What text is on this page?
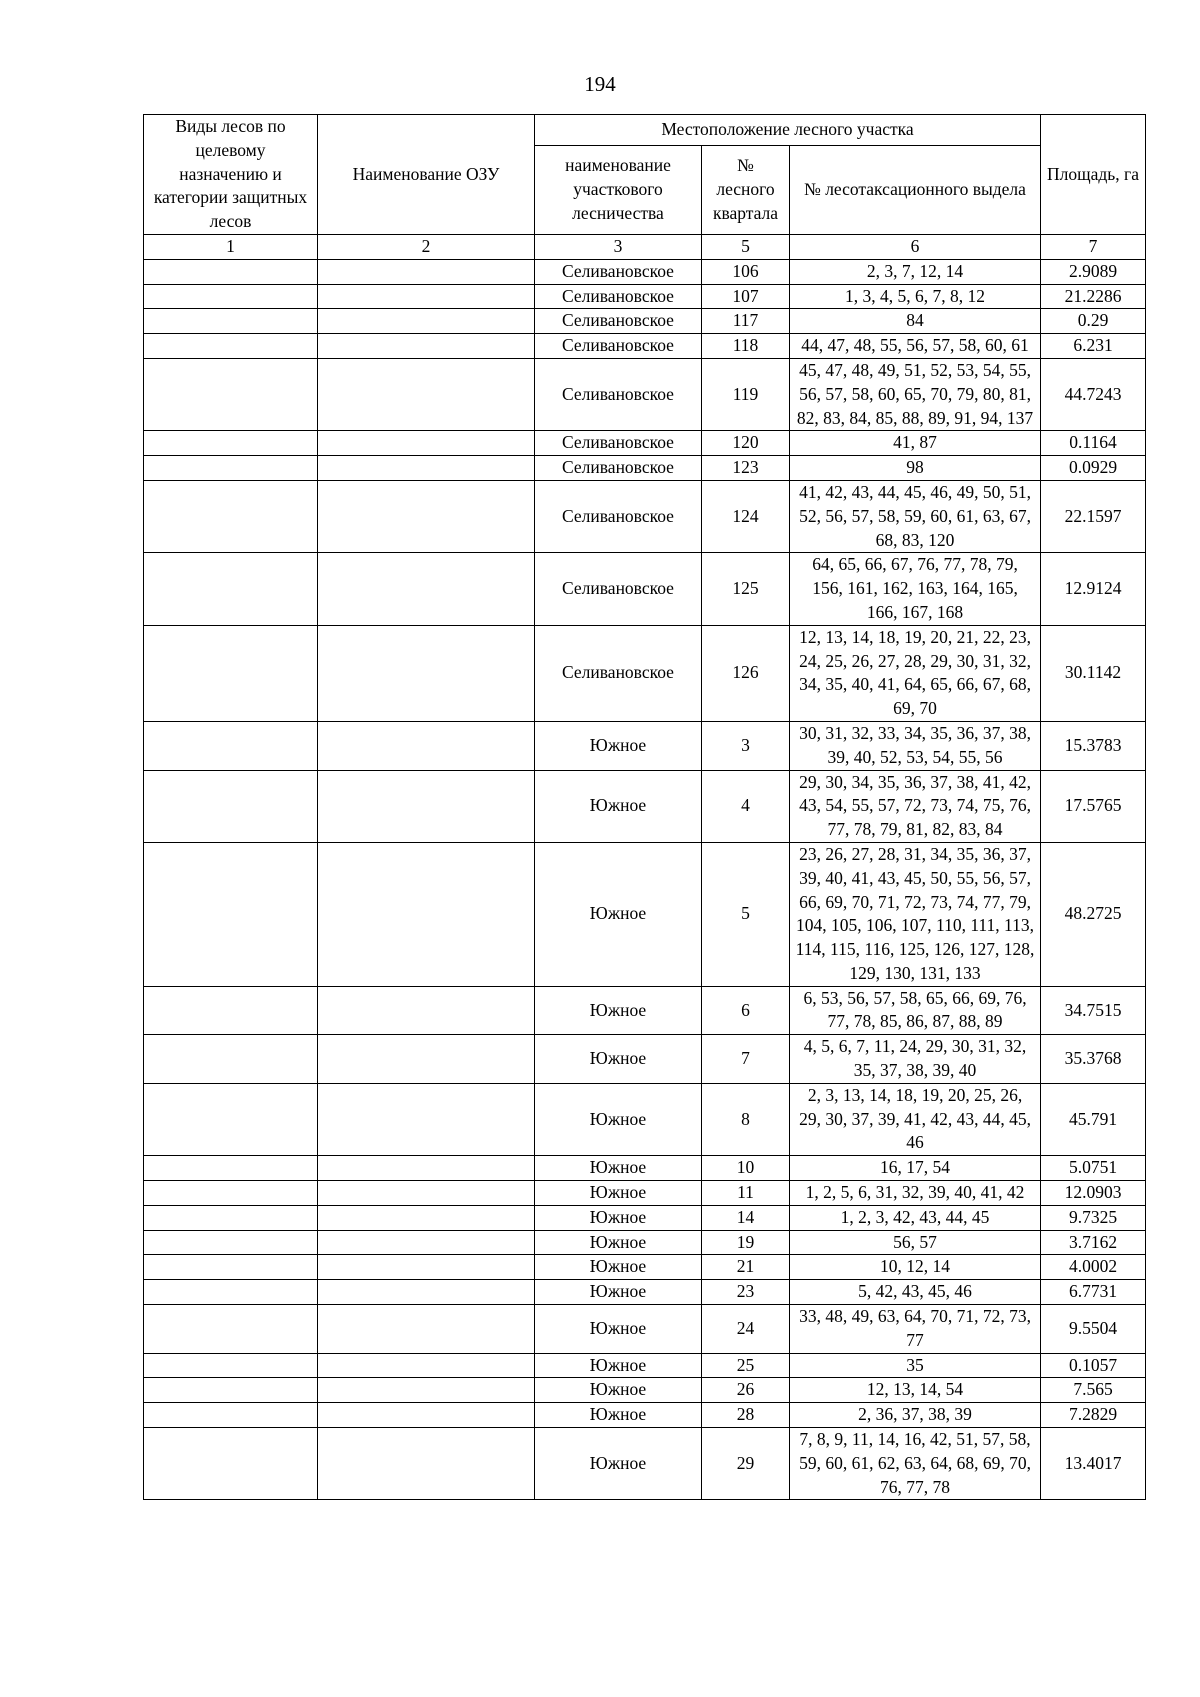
194
Виды лесов по целевому назначению и категории защитных лесов	Наименование ОЗУ	Местоположение лесного участка			Площадь, га
		наименование участкового лесничества	№ лесного квартала	№ лесотаксационного выдела	
1	2	3	5	6	7
		Селивановское	106	2, 3, 7, 12, 14	2.9089
		Селивановское	107	1, 3, 4, 5, 6, 7, 8, 12	21.2286
		Селивановское	117	84	0.29
		Селивановское	118	44, 47, 48, 55, 56, 57, 58, 60, 61	6.231
		Селивановское	119	45, 47, 48, 49, 51, 52, 53, 54, 55, 56, 57, 58, 60, 65, 70, 79, 80, 81, 82, 83, 84, 85, 88, 89, 91, 94, 137	44.7243
		Селивановское	120	41, 87	0.1164
		Селивановское	123	98	0.0929
		Селивановское	124	41, 42, 43, 44, 45, 46, 49, 50, 51, 52, 56, 57, 58, 59, 60, 61, 63, 67, 68, 83, 120	22.1597
		Селивановское	125	64, 65, 66, 67, 76, 77, 78, 79, 156, 161, 162, 163, 164, 165, 166, 167, 168	12.9124
		Селивановское	126	12, 13, 14, 18, 19, 20, 21, 22, 23, 24, 25, 26, 27, 28, 29, 30, 31, 32, 34, 35, 40, 41, 64, 65, 66, 67, 68, 69, 70	30.1142
		Южное	3	30, 31, 32, 33, 34, 35, 36, 37, 38, 39, 40, 52, 53, 54, 55, 56	15.3783
		Южное	4	29, 30, 34, 35, 36, 37, 38, 41, 42, 43, 54, 55, 57, 72, 73, 74, 75, 76, 77, 78, 79, 81, 82, 83, 84	17.5765
		Южное	5	23, 26, 27, 28, 31, 34, 35, 36, 37, 39, 40, 41, 43, 45, 50, 55, 56, 57, 66, 69, 70, 71, 72, 73, 74, 77, 79, 104, 105, 106, 107, 110, 111, 113, 114, 115, 116, 125, 126, 127, 128, 129, 130, 131, 133	48.2725
		Южное	6	6, 53, 56, 57, 58, 65, 66, 69, 76, 77, 78, 85, 86, 87, 88, 89	34.7515
		Южное	7	4, 5, 6, 7, 11, 24, 29, 30, 31, 32, 35, 37, 38, 39, 40	35.3768
		Южное	8	2, 3, 13, 14, 18, 19, 20, 25, 26, 29, 30, 37, 39, 41, 42, 43, 44, 45, 46	45.791
		Южное	10	16, 17, 54	5.0751
		Южное	11	1, 2, 5, 6, 31, 32, 39, 40, 41, 42	12.0903
		Южное	14	1, 2, 3, 42, 43, 44, 45	9.7325
		Южное	19	56, 57	3.7162
		Южное	21	10, 12, 14	4.0002
		Южное	23	5, 42, 43, 45, 46	6.7731
		Южное	24	33, 48, 49, 63, 64, 70, 71, 72, 73, 77	9.5504
		Южное	25	35	0.1057
		Южное	26	12, 13, 14, 54	7.565
		Южное	28	2, 36, 37, 38, 39	7.2829
		Южное	29	7, 8, 9, 11, 14, 16, 42, 51, 57, 58, 59, 60, 61, 62, 63, 64, 68, 69, 70, 76, 77, 78	13.4017
